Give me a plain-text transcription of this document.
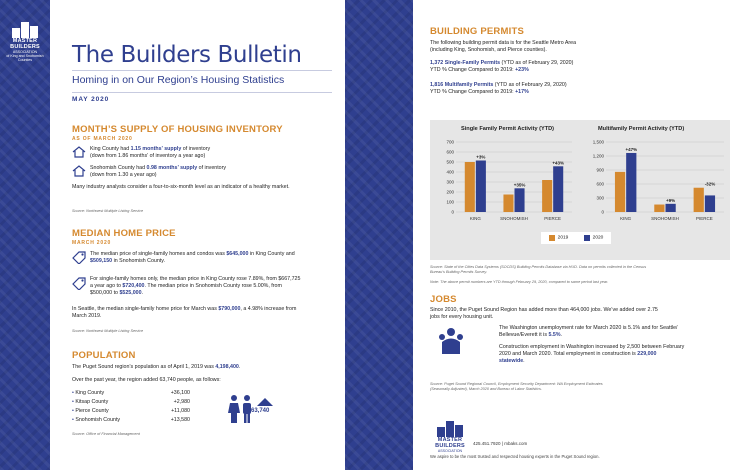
MASTER BUILDERS
ASSOCIATION
of King and Snohomish Counties	The Builders Bulletin
Homing in on Our Region’s Housing Statistics
MAY 2020
MONTH’S SUPPLY OF HOUSING INVENTORY
AS OF MARCH 2020
King County had 1.15 months’ supply of inventory
(down from 1.86 months’ of inventory a year ago)
Snohomish County had 0.98 months’ supply of inventory
(down from 1.30 a year ago)
Many industry analysts consider a four-to-six-month level as an indicator of a healthy market.
Source: Northwest Multiple Listing Service
MEDIAN HOME PRICE
MARCH 2020
The median price of single-family homes and condos was $645,000 in King County and
$509,150 in Snohomish County.
For single-family homes only, the median price in King County rose 7.89%, from $667,725
a year ago to $720,400. The median price in Snohomish County rose 5.00%, from
$500,000 to $525,000.
In Seattle, the median single-family home price for March was $790,000, a 4.98% increase from
March 2019.
Source: Northwest Multiple Listing Service
POPULATION
The Puget Sound region’s population as of April 1, 2019 was 4,198,400.
Over the past year, the region added 63,740 people, as follows:
• King County	+36,100
• Kitsap County	+2,980
• Pierce County	+11,080
• Snohomish County	+13,580
63,740
Source: Office of Financial Management
BUILDING PERMITS
The following building permit data is for the Seattle Metro Area
(including King, Snohomish, and Pierce counties).
1,372 Single-Family Permits (YTD as of February 29, 2020)
YTD % Change Compared to 2019: +23%
1,816 Multifamily Permits (YTD as of February 29, 2020)
YTD % Change Compared to 2019: +17%
Single Family Permit Activity (YTD)	Multifamily Permit Activity (YTD)
0
100
200
300
400
500
600
700
+3%
KING
+35%
SNOHOMISH
+43%
PIERCE
0
300
600
900
1,200
1,500
+47%
KING
+9%
SNOHOMISH
-32%
PIERCE
2019	2020
Source: State of the Cities Data Systems (SOCDS) Building Permits Database via HUD. Data on permits collected in the Census
Bureau’s Building Permits Survey.
Note: The above permit numbers are YTD through February 29, 2020, compared to same period last year.
JOBS
Since 2010, the Puget Sound Region has added more than 464,000 jobs. We’ve added over 2.75
jobs for every housing unit.
The Washington unemployment rate for March 2020 is 5.1% and for Seattle/
Bellevue/Everett it is 5.5%.
Construction employment in Washington increased by 2,500 between February
2020 and March 2020. Total employment in construction is 229,000
statewide.
Source: Puget Sound Regional Council, Employment Security Department: WA Employment Estimates
(Seasonally Adjusted), March 2020 and Bureau of Labor Statistics.
MASTER BUILDERS
ASSOCIATION
425.451.7920 | mbaks.com
We aspire to be the most trusted and respected housing experts in the Puget Sound region.
